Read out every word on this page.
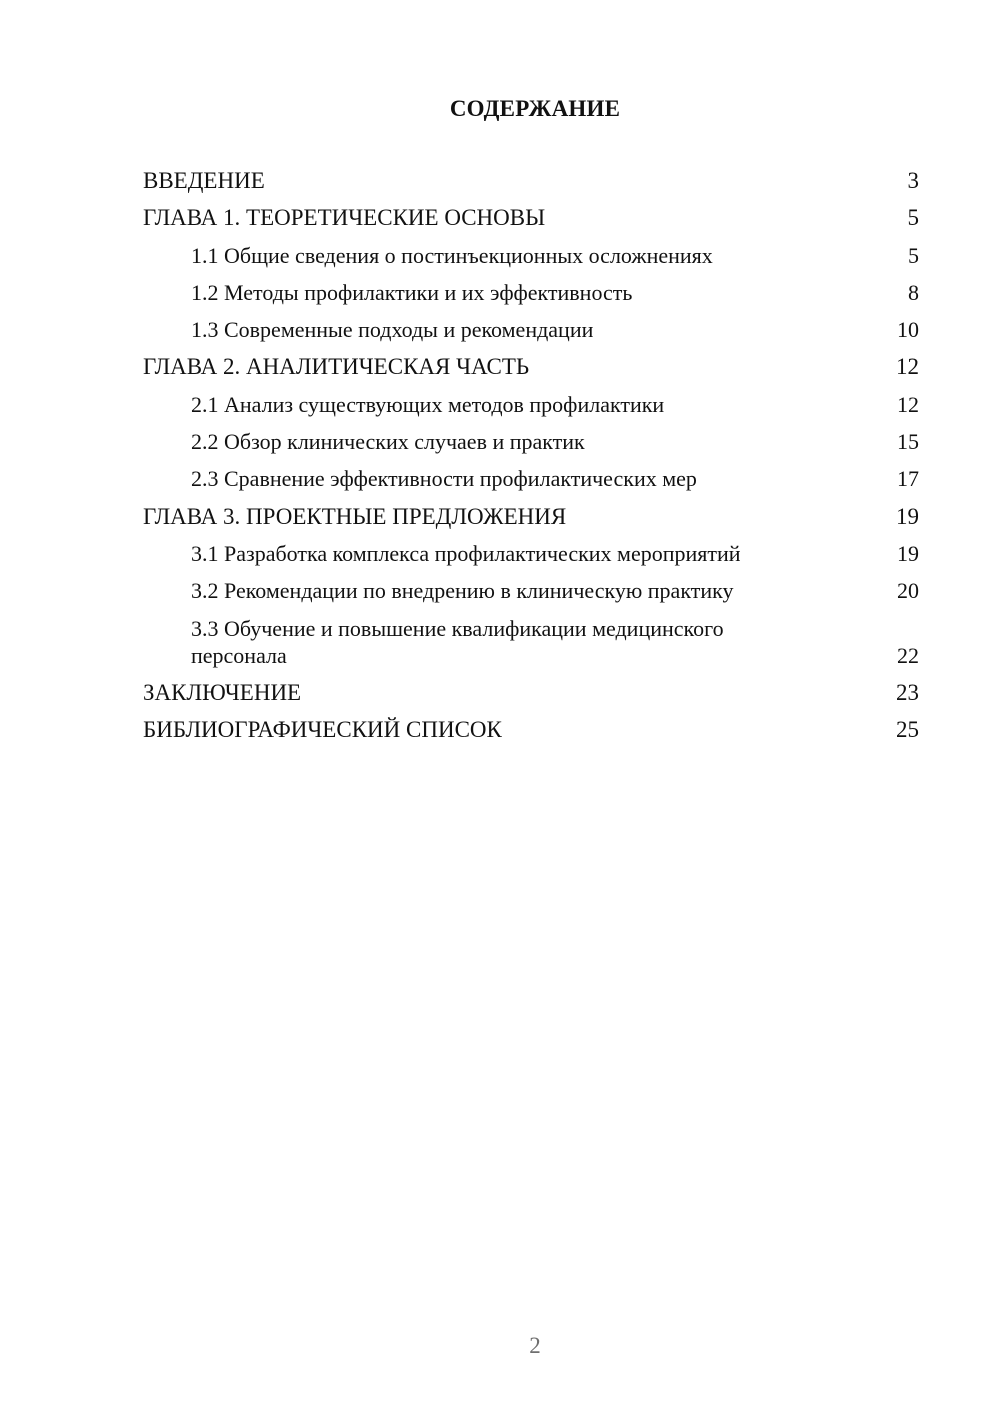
СОДЕРЖАНИЕ
ВВЕДЕНИЕ	3
ГЛАВА 1. ТЕОРЕТИЧЕСКИЕ ОСНОВЫ	5
1.1 Общие сведения о постинъекционных осложнениях	5
1.2 Методы профилактики и их эффективность	8
1.3 Современные подходы и рекомендации	10
ГЛАВА 2. АНАЛИТИЧЕСКАЯ ЧАСТЬ	12
2.1 Анализ существующих методов профилактики	12
2.2 Обзор клинических случаев и практик	15
2.3 Сравнение эффективности профилактических мер	17
ГЛАВА 3. ПРОЕКТНЫЕ ПРЕДЛОЖЕНИЯ	19
3.1 Разработка комплекса профилактических мероприятий	19
3.2 Рекомендации по внедрению в клиническую практику	20
3.3 Обучение и повышение квалификации медицинского персонала	22
ЗАКЛЮЧЕНИЕ	23
БИБЛИОГРАФИЧЕСКИЙ СПИСОК	25
2
